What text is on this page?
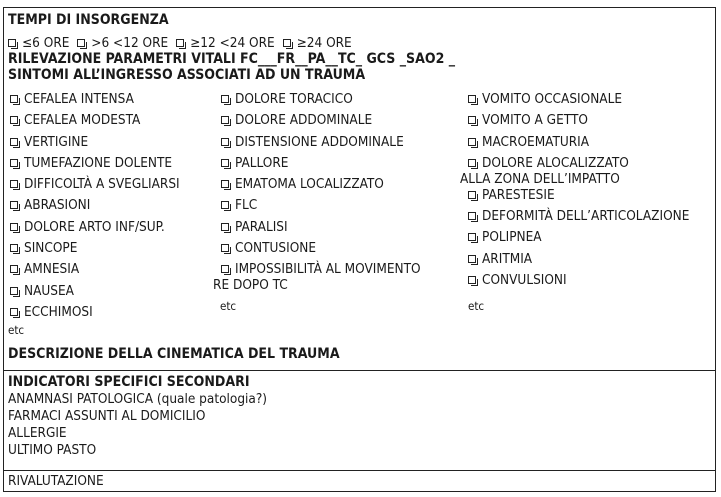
TEMPI DI INSORGENZA
≤6 ORE >6 <12 ORE ≥12 <24 ORE ≥24 ORE
RILEVAZIONE PARAMETRI VITALI FC___FR__PA__TC_ GCS _SAO2 _
SINTOMI ALL’INGRESSO ASSOCIATI AD UN TRAUMA
CEFALEA INTENSA
CEFALEA MODESTA
VERTIGINE
TUMEFAZIONE DOLENTE
DIFFICOLTÀ A SVEGLIARSI
ABRASIONI
DOLORE ARTO INF/SUP.
SINCOPE
AMNESIA
NAUSEA
ECCHIMOSI
DOLORE TORACICO
DOLORE ADDOMINALE
DISTENSIONE ADDOMINALE
PALLORE
EMATOMA LOCALIZZATO
FLC
PARALISI
CONTUSIONE
IMPOSSIBILITÀ AL MOVIMENTO
RE DOPO TC
VOMITO OCCASIONALE
VOMITO A GETTO
MACROEMATURIA
DOLORE ALOCALIZZATO
ALLA ZONA DELL’IMPATTO
PARESTESIE
DEFORMITÀ DELL’ARTICOLAZIONE
POLIPNEA
ARITMIA
CONVULSIONI
etc
etc	etc
DESCRIZIONE DELLA CINEMATICA DEL TRAUMA
INDICATORI SPECIFICI SECONDARI
ANAMNASI PATOLOGICA (quale patologia?)
FARMACI ASSUNTI AL DOMICILIO
ALLERGIE
ULTIMO PASTO
RIVALUTAZIONE
